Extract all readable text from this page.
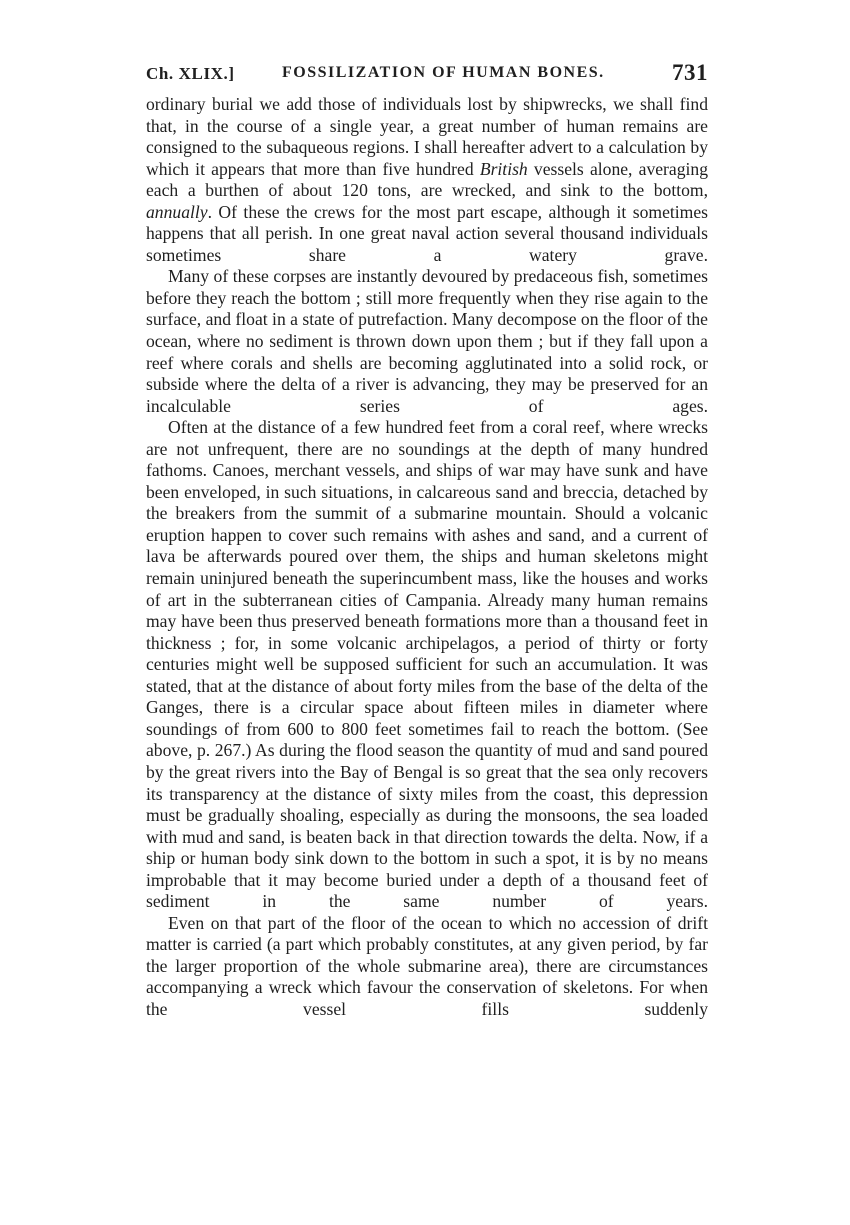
Ch. XLIX.]	FOSSILIZATION OF HUMAN BONES.	731

ordinary burial we add those of individuals lost by shipwrecks, we shall find that, in the course of a single year, a great number of human remains are consigned to the subaqueous regions. I shall hereafter advert to a calculation by which it appears that more than five hundred British vessels alone, averaging each a burthen of about 120 tons, are wrecked, and sink to the bottom, annually. Of these the crews for the most part escape, although it sometimes happens that all perish. In one great naval action several thousand individuals sometimes share a watery grave.

Many of these corpses are instantly devoured by predaceous fish, sometimes before they reach the bottom ; still more frequently when they rise again to the surface, and float in a state of putrefaction. Many decompose on the floor of the ocean, where no sediment is thrown down upon them ; but if they fall upon a reef where corals and shells are becoming agglutinated into a solid rock, or subside where the delta of a river is advancing, they may be preserved for an incalculable series of ages.

Often at the distance of a few hundred feet from a coral reef, where wrecks are not unfrequent, there are no soundings at the depth of many hundred fathoms. Canoes, merchant vessels, and ships of war may have sunk and have been enveloped, in such situations, in calcareous sand and breccia, detached by the breakers from the summit of a submarine mountain. Should a volcanic eruption happen to cover such remains with ashes and sand, and a current of lava be afterwards poured over them, the ships and human skeletons might remain uninjured beneath the superincumbent mass, like the houses and works of art in the subterranean cities of Campania. Already many human remains may have been thus preserved beneath formations more than a thousand feet in thickness ; for, in some volcanic archipelagos, a period of thirty or forty centuries might well be supposed sufficient for such an accumulation. It was stated, that at the distance of about forty miles from the base of the delta of the Ganges, there is a circular space about fifteen miles in diameter where soundings of from 600 to 800 feet sometimes fail to reach the bottom. (See above, p. 267.) As during the flood season the quantity of mud and sand poured by the great rivers into the Bay of Bengal is so great that the sea only recovers its transparency at the distance of sixty miles from the coast, this depression must be gradually shoaling, especially as during the monsoons, the sea loaded with mud and sand, is beaten back in that direction towards the delta. Now, if a ship or human body sink down to the bottom in such a spot, it is by no means improbable that it may become buried under a depth of a thousand feet of sediment in the same number of years.

Even on that part of the floor of the ocean to which no accession of drift matter is carried (a part which probably constitutes, at any given period, by far the larger proportion of the whole submarine area), there are circumstances accompanying a wreck which favour the conservation of skeletons. For when the vessel fills suddenly
